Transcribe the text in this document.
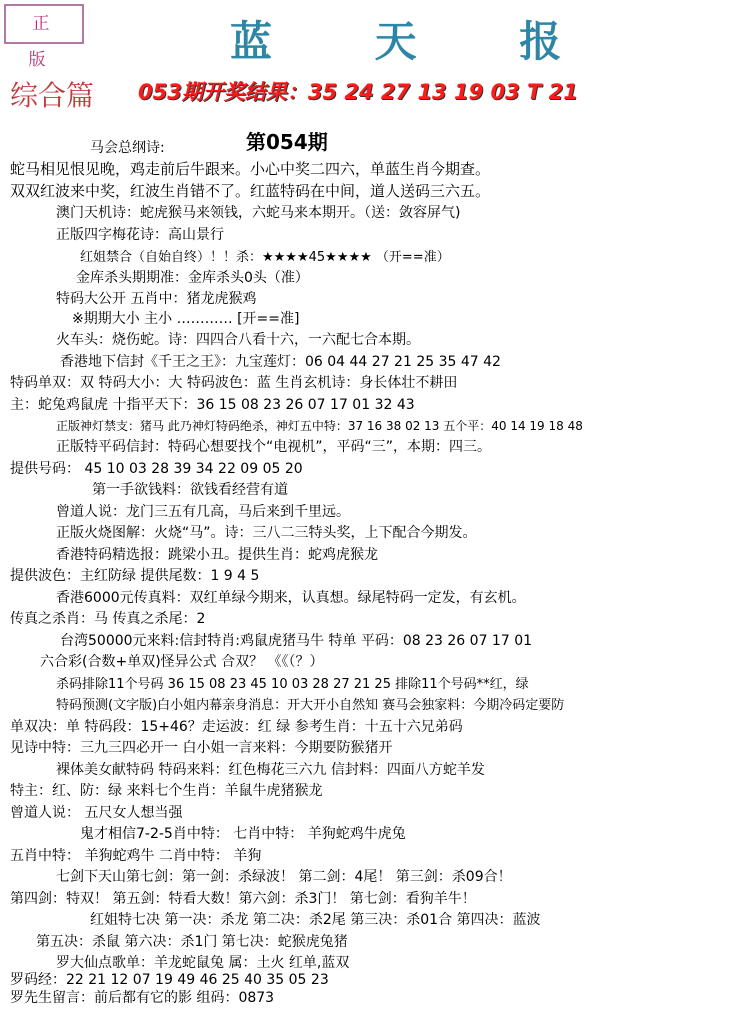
正 版	蓝 天 报
综合篇 053期开奖结果：35 24 27 13 19 03 T 21
第054期
马会总纲诗:
蛇马相见恨见晚，鸡走前后牛跟来。小心中奖二四六，单蓝生肖今期查。
双双红波来中奖，红波生肖错不了。红蓝特码在中间，道人送码三六五。
澳门天机诗：蛇虎猴马来领钱，六蛇马来本期开。（送：敛容屏气)
正版四字梅花诗：高山景行
红姐禁合（自始自终）！！杀：★★★★45★★★★ （开==准）
金库杀头期期准：金库杀头0头（准）
特码大公开 五肖中：猪龙虎猴鸡
※期期大小 主小 ………… [开==准]
火车头：烧伤蛇。诗：四四合八看十六，一六配七合本期。
香港地下信封《千王之王》：九宝莲灯：06 04 44 27 21 25 35 47 42
特码单双：双 特码大小：大 特码波色：蓝 生肖玄机诗：身长体壮不耕田
主：蛇兔鸡鼠虎 十指平天下：36 15 08 23 26 07 17 01 32 43
正版神灯禁支：猪马 此乃神灯特码绝杀，神灯五中特：37 16 38 02 13 五个平：40 14 19 18 48
正版特平码信封：特码心想要找个“电视机”，平码“三”，本期：四三。
提供号码： 45 10 03 28 39 34 22 09 05 20
第一手欲钱料：欲钱看经营有道
曾道人说：龙门三五有几高，马后来到千里远。
正版火烧图解：火烧“马”。诗：三八二三特头奖，上下配合今期发。
香港特码精选报：跳梁小丑。提供生肖：蛇鸡虎猴龙
提供波色：主红防绿 提供尾数：1 9 4 5
香港6000元传真料：双红单绿今期来，认真想。绿尾特码一定发，有玄机。
传真之杀肖：马 传真之杀尾：2
台湾50000元来料:信封特肖:鸡鼠虎猪马牛 特单 平码：08 23 26 07 17 01
六合彩(合数+单双)怪异公式 合双？ 《《（？）
杀码排除11个号码 36 15 08 23 45 10 03 28 27 21 25 排除11个号码**红，绿
特码预测(文字版)白小姐内幕亲身消息：开大开小自然知 赛马会独家料：今期冷码定要防
单双决：单 特码段：15+46？走运波：红 绿 参考生肖：十五十六兄弟码
见诗中特：三九三四必开一 白小姐一言来料：今期要防猴猪开
裸体美女献特码 特码来料：红色梅花三六九 信封料：四面八方蛇羊发
特主：红、防：绿 来料七个生肖：羊鼠牛虎猪猴龙
曾道人说： 五尺女人想当强
鬼才相信7-2-5肖中特： 七肖中特： 羊狗蛇鸡牛虎兔
五肖中特： 羊狗蛇鸡牛 二肖中特： 羊狗
七剑下天山第七剑：第一剑：杀绿波！ 第二剑：4尾！ 第三剑：杀09合！
第四剑：特双！ 第五剑：特看大数！第六剑：杀3门！ 第七剑：看狗羊牛！
红姐特七决 第一决：杀龙 第二决：杀2尾 第三决：杀01合 第四决：蓝波
第五决：杀鼠 第六决：杀1门 第七决：蛇猴虎兔猪
罗大仙点歌单：羊龙蛇鼠兔 属：土火 红单,蓝双
罗码经：22 21 12 07 19 49 46 25 40 35 05 23
罗先生留言：前后都有它的影 组码：0873
